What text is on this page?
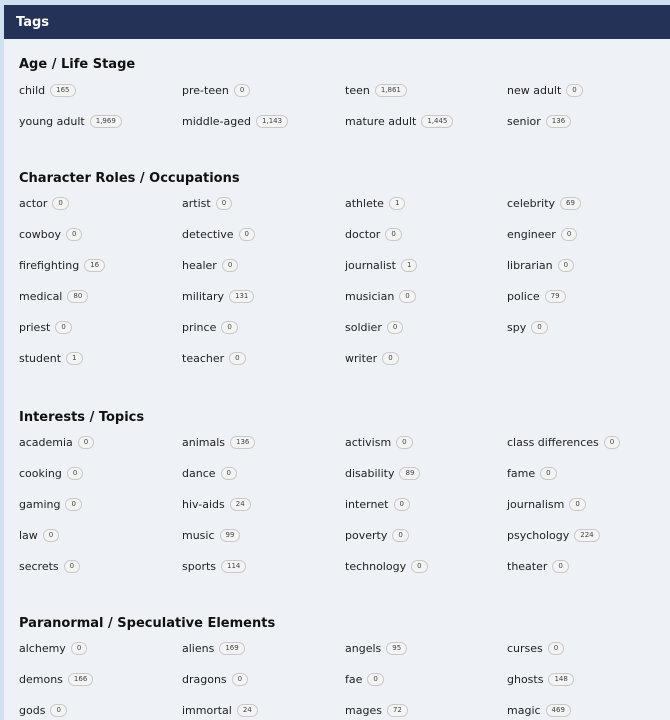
Tags
Age / Life Stage
child	165	pre-teen	0	teen	1,861	new adult	0
young adult	1,969	middle-aged	1,143	mature adult	1,445	senior	136
Character Roles / Occupations
actor	0	artist	0	athlete	1	celebrity	69
cowboy	0	detective	0	doctor	0	engineer	0
firefighting	16	healer	0	journalist	1	librarian	0
medical	80	military	131	musician	0	police	79
priest	0	prince	0	soldier	0	spy	0
student	1	teacher	0	writer	0
Interests / Topics
academia	0	animals	136	activism	0	class differences	0
cooking	0	dance	0	disability	89	fame	0
gaming	0	hiv-aids	24	internet	0	journalism	0
law	0	music	99	poverty	0	psychology	224
secrets	0	sports	114	technology	0	theater	0
Paranormal / Speculative Elements
alchemy	0	aliens	169	angels	95	curses	0
demons	166	dragons	0	fae	0	ghosts	148
gods	0	immortal	24	mages	72	magic	469
